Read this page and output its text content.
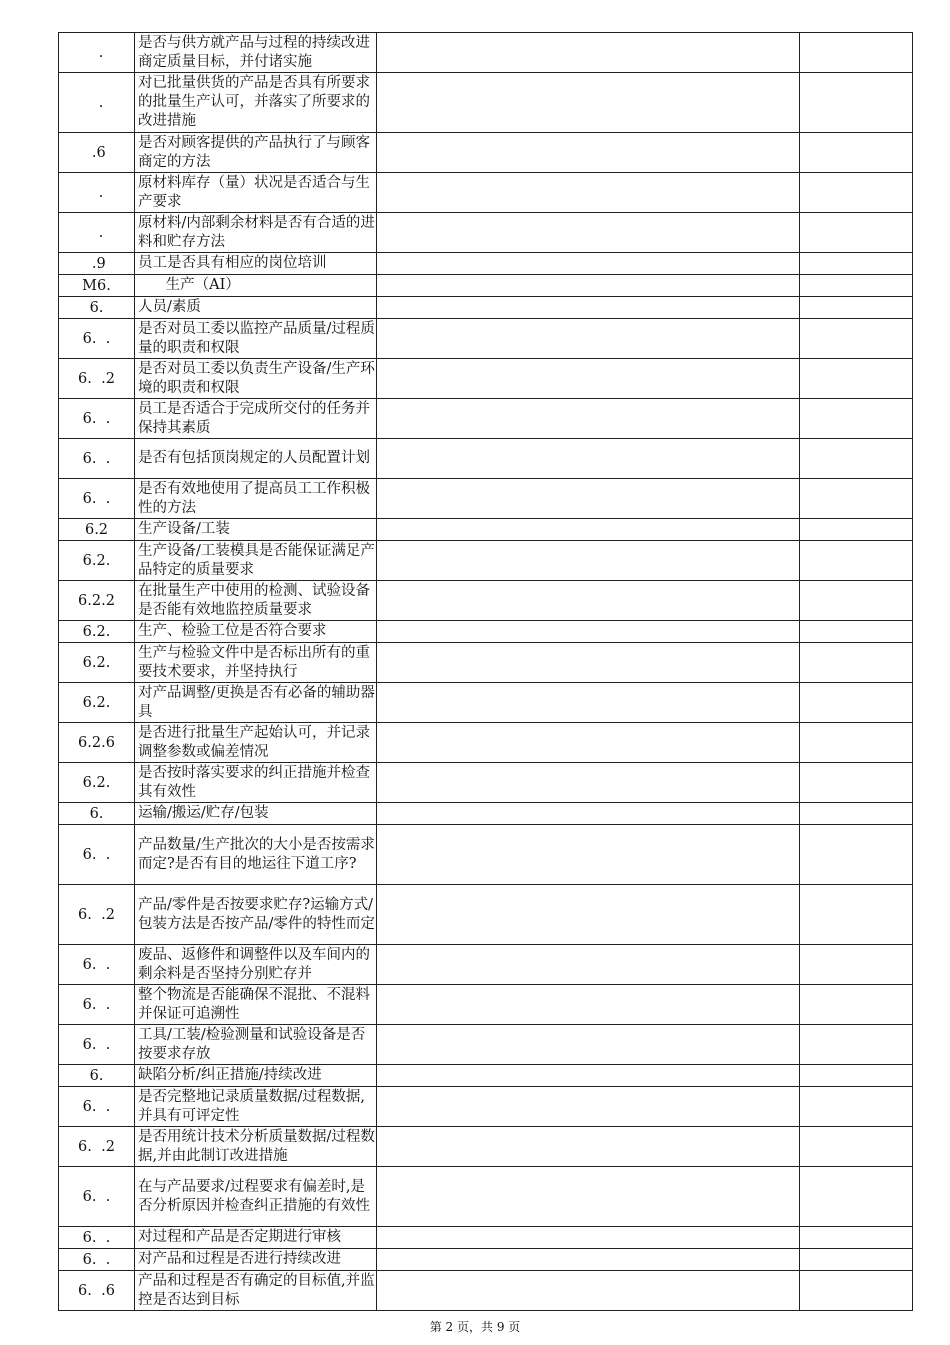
.	是否与供方就产品与过程的持续改进商定质量目标，并付诸实施		

.	对已批量供货的产品是否具有所要求的批量生产认可，并落实了所要求的改进措施		

.6	是否对顾客提供的产品执行了与顾客商定的方法		

.	原材料库存（量）状况是否适合与生产要求		

.	原材料/内部剩余材料是否有合适的进料和贮存方法		

.9	员工是否具有相应的岗位培训		

M6.	生产（AI）		

6.	人员/素质		

6.  .	是否对员工委以监控产品质量/过程质量的职责和权限		

6.  .2	是否对员工委以负责生产设备/生产环境的职责和权限		

6.  .	员工是否适合于完成所交付的任务并保持其素质		

6.  .	是否有包括顶岗规定的人员配置计划		

6.  .	是否有效地使用了提高员工工作积极性的方法		

6.2	生产设备/工装		

6.2.	生产设备/工装模具是否能保证满足产品特定的质量要求		

6.2.2	在批量生产中使用的检测、试验设备是否能有效地监控质量要求		

6.2.	生产、检验工位是否符合要求		

6.2.	生产与检验文件中是否标出所有的重要技术要求，并坚持执行		

6.2.	对产品调整/更换是否有必备的辅助器具		

6.2.6	是否进行批量生产起始认可，并记录调整参数或偏差情况		

6.2.	是否按时落实要求的纠正措施并检查其有效性		

6.	运输/搬运/贮存/包装		

6.  .	产品数量/生产批次的大小是否按需求而定?是否有目的地运往下道工序?		

6.  .2	产品/零件是否按要求贮存?运输方式/包装方法是否按产品/零件的特性而定		

6.  .	废品、返修件和调整件以及车间内的剩余料是否坚持分别贮存并		

6.  .	整个物流是否能确保不混批、不混料并保证可追溯性		

6.  .	工具/工装/检验测量和试验设备是否按要求存放		

6.	缺陷分析/纠正措施/持续改进		

6.  .	是否完整地记录质量数据/过程数据,并具有可评定性		

6.  .2	是否用统计技术分析质量数据/过程数据,并由此制订改进措施		

6.  .	在与产品要求/过程要求有偏差时,是否分析原因并检查纠正措施的有效性		

6.  .	对过程和产品是否定期进行审核		

6.  .	对产品和过程是否进行持续改进		

6.  .6	产品和过程是否有确定的目标值,并监控是否达到目标		

第 2 页，共 9 页
